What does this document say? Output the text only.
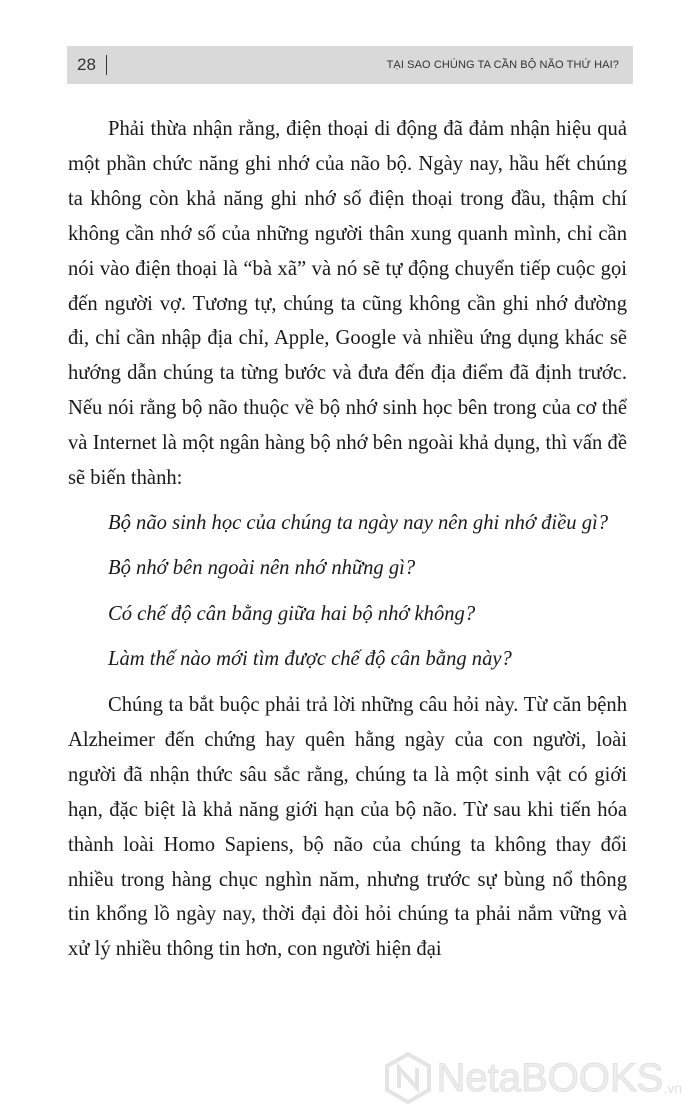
28	TẠI SAO CHÚNG TA CẦN BỘ NÃO THỨ HAI?

Phải thừa nhận rằng, điện thoại di động đã đảm nhận hiệu quả một phần chức năng ghi nhớ của não bộ. Ngày nay, hầu hết chúng ta không còn khả năng ghi nhớ số điện thoại trong đầu, thậm chí không cần nhớ số của những người thân xung quanh mình, chỉ cần nói vào điện thoại là “bà xã” và nó sẽ tự động chuyển tiếp cuộc gọi đến người vợ. Tương tự, chúng ta cũng không cần ghi nhớ đường đi, chỉ cần nhập địa chỉ, Apple, Google và nhiều ứng dụng khác sẽ hướng dẫn chúng ta từng bước và đưa đến địa điểm đã định trước. Nếu nói rằng bộ não thuộc về bộ nhớ sinh học bên trong của cơ thể và Internet là một ngân hàng bộ nhớ bên ngoài khả dụng, thì vấn đề sẽ biến thành:

Bộ não sinh học của chúng ta ngày nay nên ghi nhớ điều gì?

Bộ nhớ bên ngoài nên nhớ những gì?

Có chế độ cân bằng giữa hai bộ nhớ không?

Làm thế nào mới tìm được chế độ cân bằng này?

Chúng ta bắt buộc phải trả lời những câu hỏi này. Từ căn bệnh Alzheimer đến chứng hay quên hằng ngày của con người, loài người đã nhận thức sâu sắc rằng, chúng ta là một sinh vật có giới hạn, đặc biệt là khả năng giới hạn của bộ não. Từ sau khi tiến hóa thành loài Homo Sapiens, bộ não của chúng ta không thay đổi nhiều trong hàng chục nghìn năm, nhưng trước sự bùng nổ thông tin khổng lồ ngày nay, thời đại đòi hỏi chúng ta phải nắm vững và xử lý nhiều thông tin hơn, con người hiện đại

NetaBOOKS .vn
